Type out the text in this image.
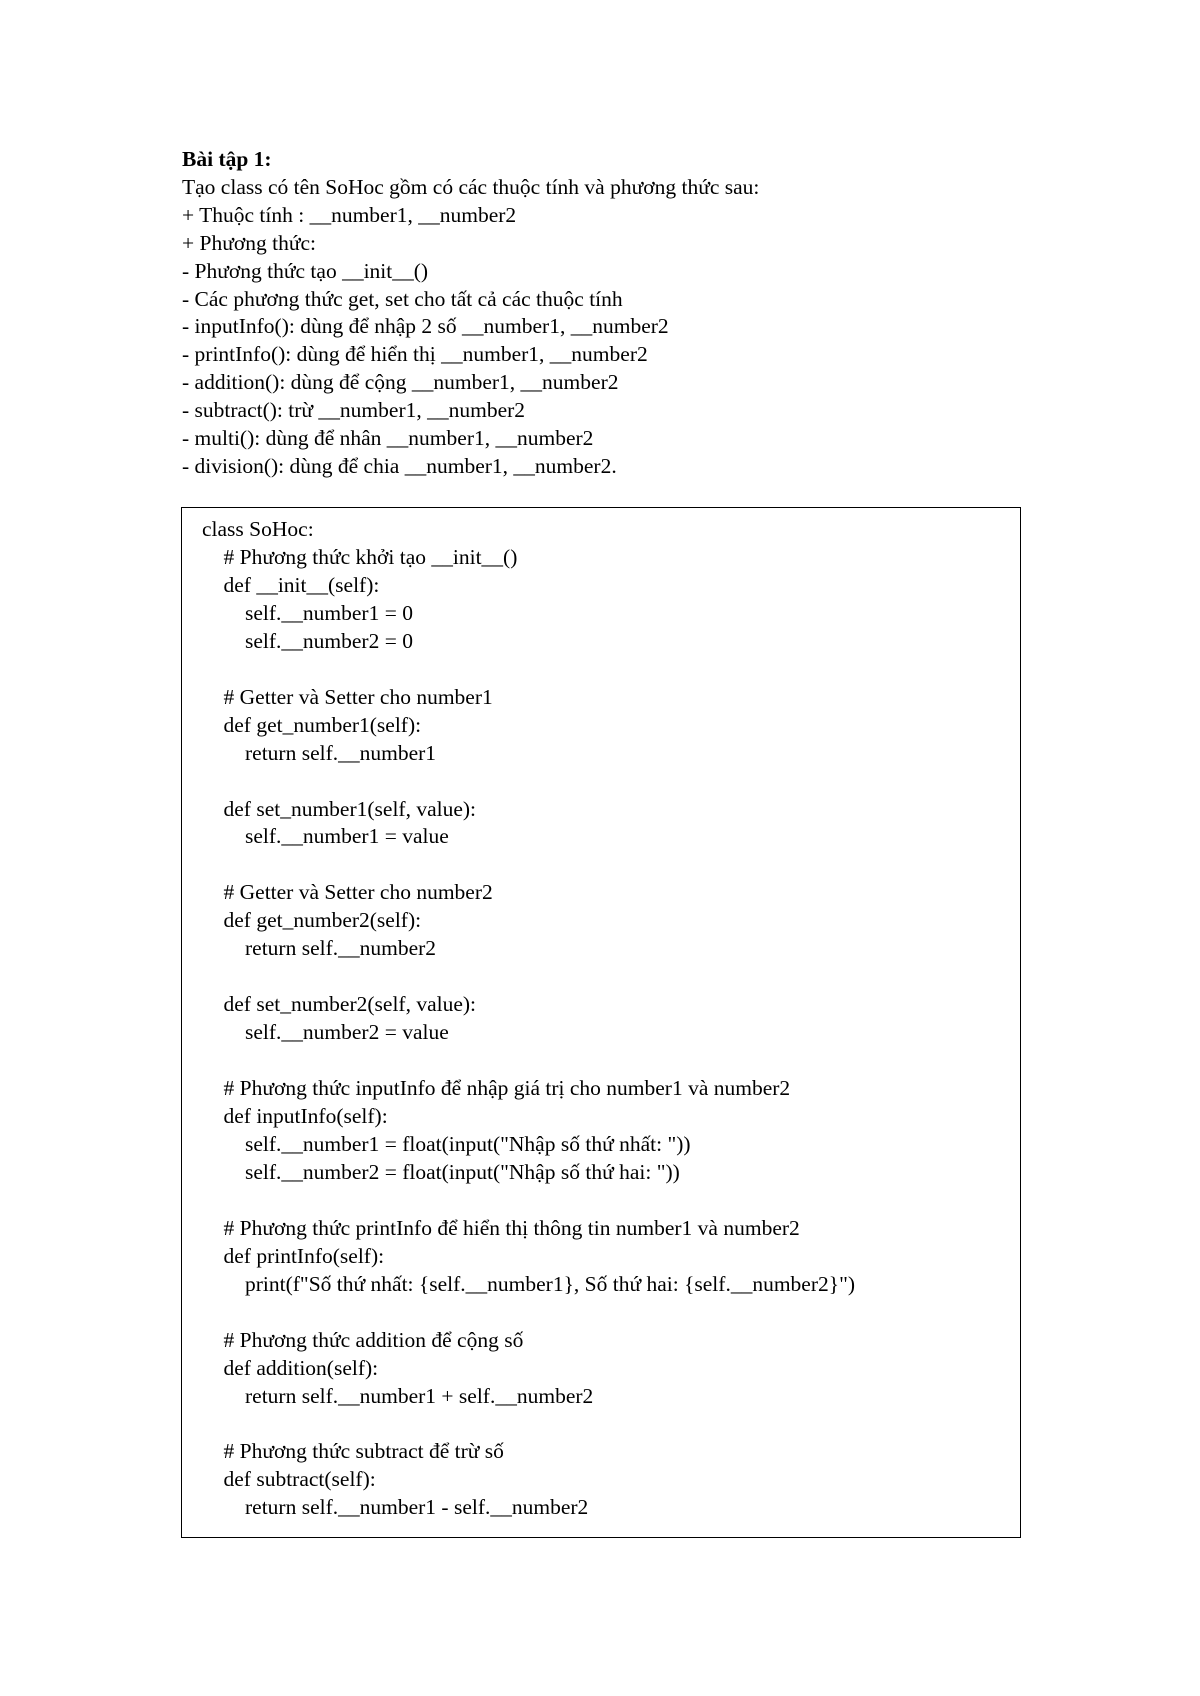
Bài tập 1:
Tạo class có tên SoHoc gồm có các thuộc tính và phương thức sau:
+ Thuộc tính : __number1, __number2
+ Phương thức:
- Phương thức tạo __init__()
- Các phương thức get, set cho tất cả các thuộc tính
- inputInfo(): dùng để nhập 2 số __number1, __number2
- printInfo(): dùng để hiển thị __number1, __number2
- addition(): dùng để cộng __number1, __number2
- subtract(): trừ __number1, __number2
- multi(): dùng để nhân __number1, __number2
- division(): dùng để chia __number1, __number2.
class SoHoc:
# Phương thức khởi tạo __init__()
def __init__(self):
self.__number1 = 0
self.__number2 = 0
# Getter và Setter cho number1
def get_number1(self):
return self.__number1
def set_number1(self, value):
self.__number1 = value
# Getter và Setter cho number2
def get_number2(self):
return self.__number2
def set_number2(self, value):
self.__number2 = value
# Phương thức inputInfo để nhập giá trị cho number1 và number2
def inputInfo(self):
self.__number1 = float(input("Nhập số thứ nhất: "))
self.__number2 = float(input("Nhập số thứ hai: "))
# Phương thức printInfo để hiển thị thông tin number1 và number2
def printInfo(self):
print(f"Số thứ nhất: {self.__number1}, Số thứ hai: {self.__number2}")
# Phương thức addition để cộng số
def addition(self):
return self.__number1 + self.__number2
# Phương thức subtract để trừ số
def subtract(self):
return self.__number1 - self.__number2
